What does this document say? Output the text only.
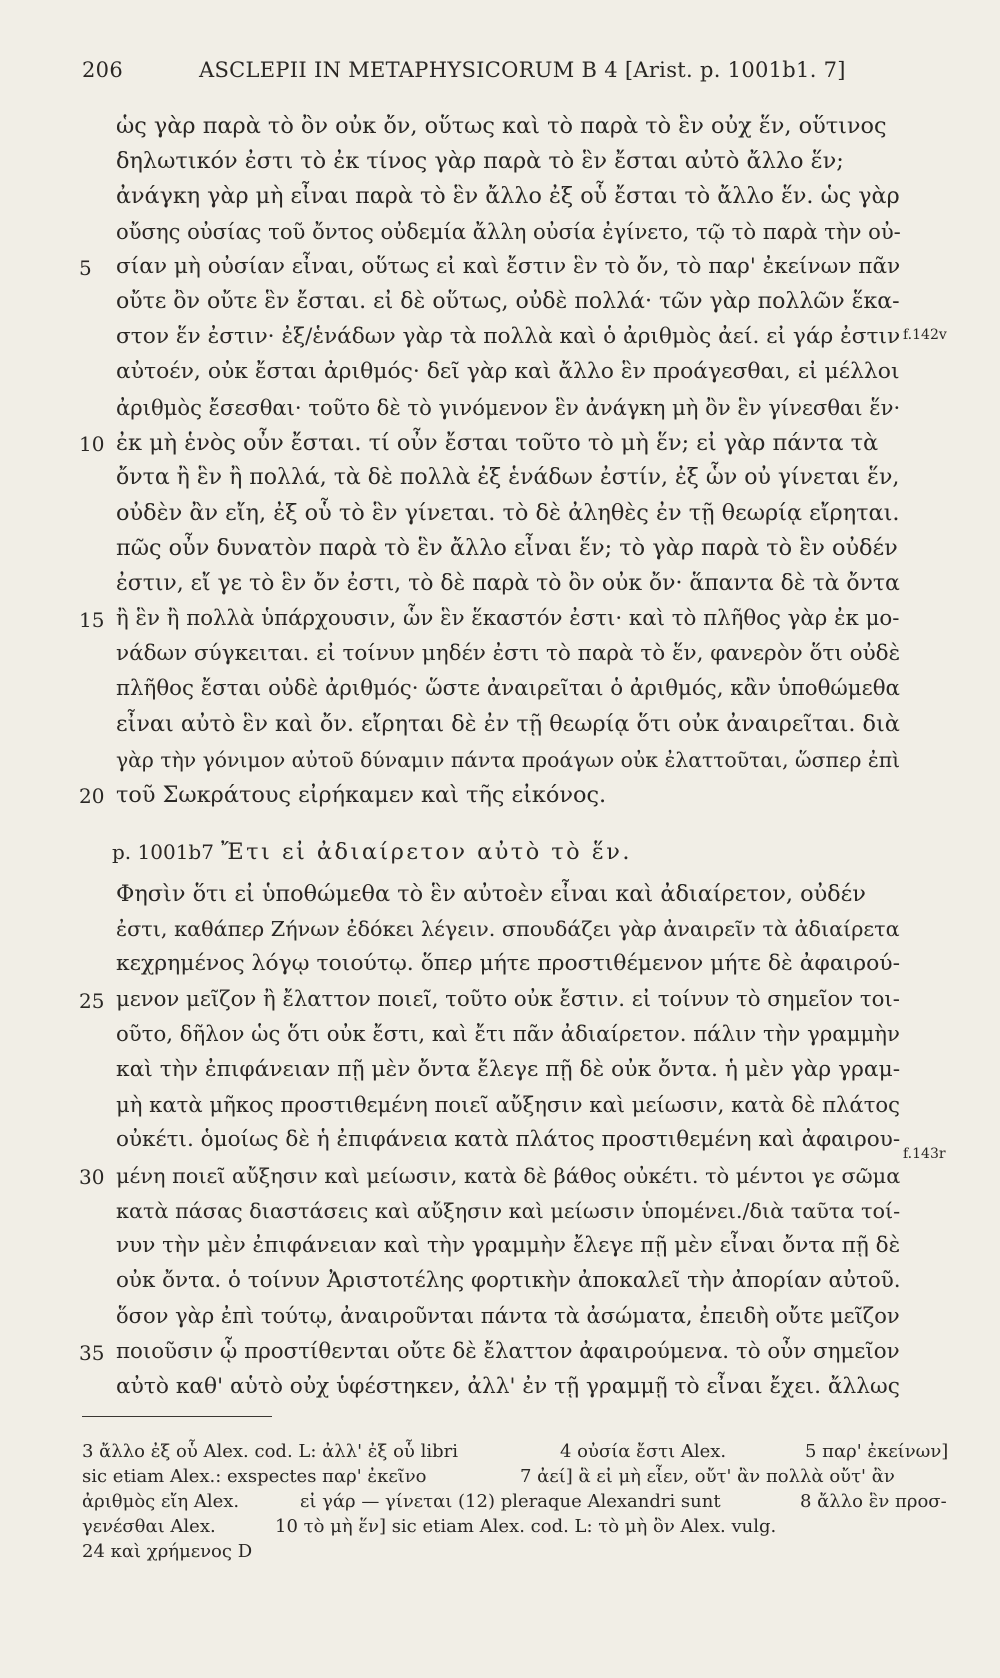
206	ASCLEPII IN METAPHYSICORUM B 4 [Arist. p. 1001b1. 7]
ὡς γὰρ παρὰ τὸ ὂν οὐκ ὄν, οὕτως καὶ τὸ παρὰ τὸ ἓν οὐχ ἕν, οὕτινος
δηλωτικόν ἐστι τὸ ἐκ τίνος γὰρ παρὰ τὸ ἓν ἔσται αὐτὸ ἄλλο ἕν;
ἀνάγκη γὰρ μὴ εἶναι παρὰ τὸ ἓν ἄλλο ἐξ οὗ ἔσται τὸ ἄλλο ἕν. ὡς γὰρ
οὔσης οὐσίας τοῦ ὄντος οὐδεμία ἄλλη οὐσία ἐγίνετο, τῷ τὸ παρὰ τὴν οὐ-
σίαν μὴ οὐσίαν εἶναι, οὕτως εἰ καὶ ἔστιν ἓν τὸ ὄν, τὸ παρ' ἐκείνων πᾶν
5
οὔτε ὂν οὔτε ἓν ἔσται. εἰ δὲ οὕτως, οὐδὲ πολλά· τῶν γὰρ πολλῶν ἕκα-
στον ἕν ἐστιν· ἐξ/ἑνάδων γὰρ τὰ πολλὰ καὶ ὁ ἀριθμὸς ἀεί. εἰ γάρ ἐστιν
αὐτοέν, οὐκ ἔσται ἀριθμός· δεῖ γὰρ καὶ ἄλλο ἓν προάγεσθαι, εἰ μέλλοι
ἀριθμὸς ἔσεσθαι· τοῦτο δὲ τὸ γινόμενον ἓν ἀνάγκη μὴ ὂν ἓν γίνεσθαι ἕν·
ἐκ μὴ ἑνὸς οὖν ἔσται. τί οὖν ἔσται τοῦτο τὸ μὴ ἕν; εἰ γὰρ πάντα τὰ
10
ὄντα ἢ ἓν ἢ πολλά, τὰ δὲ πολλὰ ἐξ ἑνάδων ἐστίν, ἐξ ὧν οὐ γίνεται ἕν,
οὐδὲν ἂν εἴη, ἐξ οὗ τὸ ἓν γίνεται. τὸ δὲ ἀληθὲς ἐν τῇ θεωρίᾳ εἴρηται.
πῶς οὖν δυνατὸν παρὰ τὸ ἓν ἄλλο εἶναι ἕν; τὸ γὰρ παρὰ τὸ ἓν οὐδέν
ἐστιν, εἴ γε τὸ ἓν ὄν ἐστι, τὸ δὲ παρὰ τὸ ὂν οὐκ ὄν· ἅπαντα δὲ τὰ ὄντα
ἢ ἓν ἢ πολλὰ ὑπάρχουσιν, ὧν ἓν ἕκαστόν ἐστι· καὶ τὸ πλῆθος γὰρ ἐκ μο-
15
νάδων σύγκειται. εἰ τοίνυν μηδέν ἐστι τὸ παρὰ τὸ ἕν, φανερὸν ὅτι οὐδὲ
πλῆθος ἔσται οὐδὲ ἀριθμός· ὥστε ἀναιρεῖται ὁ ἀριθμός, κἂν ὑποθώμεθα
εἶναι αὐτὸ ἓν καὶ ὄν. εἴρηται δὲ ἐν τῇ θεωρίᾳ ὅτι οὐκ ἀναιρεῖται. διὰ
γὰρ τὴν γόνιμον αὐτοῦ δύναμιν πάντα προάγων οὐκ ἐλαττοῦται, ὥσπερ ἐπὶ
τοῦ Σωκράτους εἰρήκαμεν καὶ τῆς εἰκόνος.
20
f.142v
p. 1001b7 Ἔτι εἰ ἀδιαίρετον αὐτὸ τὸ ἕν.
Φησὶν ὅτι εἰ ὑποθώμεθα τὸ ἓν αὐτοὲν εἶναι καὶ ἀδιαίρετον, οὐδέν
ἐστι, καθάπερ Ζήνων ἐδόκει λέγειν. σπουδάζει γὰρ ἀναιρεῖν τὰ ἀδιαίρετα
κεχρημένος λόγῳ τοιούτῳ. ὅπερ μήτε προστιθέμενον μήτε δὲ ἀφαιρού-
μενον μεῖζον ἢ ἔλαττον ποιεῖ, τοῦτο οὐκ ἔστιν. εἰ τοίνυν τὸ σημεῖον τοι-
25
οῦτο, δῆλον ὡς ὅτι οὐκ ἔστι, καὶ ἔτι πᾶν ἀδιαίρετον. πάλιν τὴν γραμμὴν
καὶ τὴν ἐπιφάνειαν πῇ μὲν ὄντα ἔλεγε πῇ δὲ οὐκ ὄντα. ἡ μὲν γὰρ γραμ-
μὴ κατὰ μῆκος προστιθεμένη ποιεῖ αὔξησιν καὶ μείωσιν, κατὰ δὲ πλάτος
οὐκέτι. ὁμοίως δὲ ἡ ἐπιφάνεια κατὰ πλάτος προστιθεμένη καὶ ἀφαιρου-
μένη ποιεῖ αὔξησιν καὶ μείωσιν, κατὰ δὲ βάθος οὐκέτι. τὸ μέντοι γε σῶμα
30
κατὰ πάσας διαστάσεις καὶ αὔξησιν καὶ μείωσιν ὑπομένει./διὰ ταῦτα τοί-
νυν τὴν μὲν ἐπιφάνειαν καὶ τὴν γραμμὴν ἔλεγε πῇ μὲν εἶναι ὄντα πῇ δὲ
οὐκ ὄντα. ὁ τοίνυν Ἀριστοτέλης φορτικὴν ἀποκαλεῖ τὴν ἀπορίαν αὐτοῦ.
ὅσον γὰρ ἐπὶ τούτῳ, ἀναιροῦνται πάντα τὰ ἀσώματα, ἐπειδὴ οὔτε μεῖζον
ποιοῦσιν ᾧ προστίθενται οὔτε δὲ ἔλαττον ἀφαιρούμενα. τὸ οὖν σημεῖον
35
αὐτὸ καθ' αὑτὸ οὐχ ὑφέστηκεν, ἀλλ' ἐν τῇ γραμμῇ τὸ εἶναι ἔχει. ἄλλως
f.143r
3 ἄλλο ἐξ οὗ Alex. cod. L: ἀλλ' ἐξ οὗ libri	4 οὐσία ἔστι Alex.	5 παρ' ἐκείνων]
sic etiam Alex.: exspectes παρ' ἐκεῖνο	7 ἀεί] ἃ εἰ μὴ εἶεν, οὔτ' ἂν πολλὰ οὔτ' ἂν
ἀριθμὸς εἴη Alex.	εἰ γάρ — γίνεται (12) pleraque Alexandri sunt	8 ἄλλο ἓν προσ-
γενέσθαι Alex.	10 τὸ μὴ ἕν] sic etiam Alex. cod. L: τὸ μὴ ὂν Alex. vulg.
24 καὶ χρήμενος D
